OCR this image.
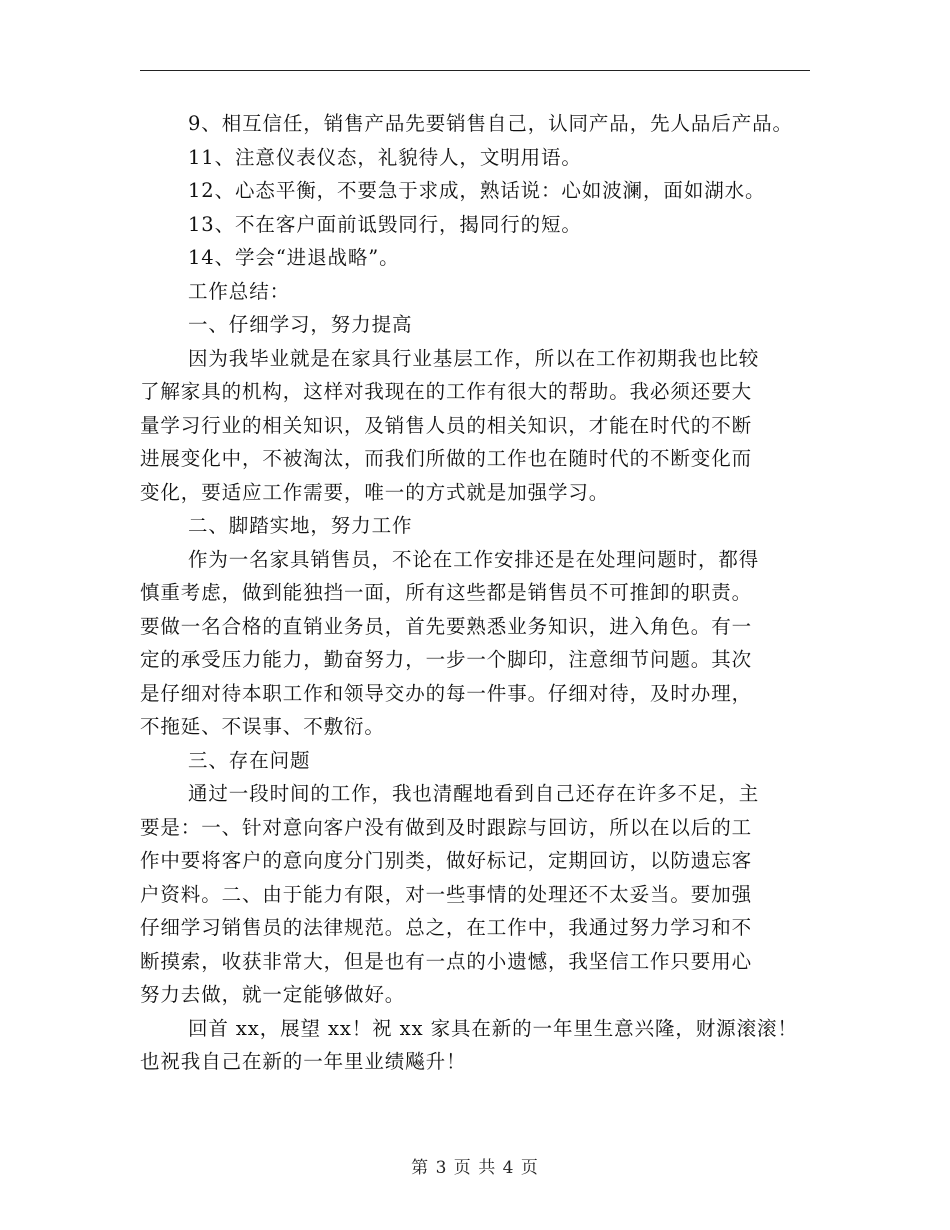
9、相互信任，销售产品先要销售自己，认同产品，先人品后产品。

11、注意仪表仪态，礼貌待人，文明用语。

12、心态平衡，不要急于求成，熟话说：心如波澜，面如湖水。

13、不在客户面前诋毁同行，揭同行的短。

14、学会“进退战略”。

工作总结：

一、仔细学习，努力提高

因为我毕业就是在家具行业基层工作，所以在工作初期我也比较
了解家具的机构，这样对我现在的工作有很大的帮助。我必须还要大
量学习行业的相关知识，及销售人员的相关知识，才能在时代的不断
进展变化中，不被淘汰，而我们所做的工作也在随时代的不断变化而
变化，要适应工作需要，唯一的方式就是加强学习。

二、脚踏实地，努力工作

作为一名家具销售员，不论在工作安排还是在处理问题时，都得
慎重考虑，做到能独挡一面，所有这些都是销售员不可推卸的职责。
要做一名合格的直销业务员，首先要熟悉业务知识，进入角色。有一
定的承受压力能力，勤奋努力，一步一个脚印，注意细节问题。其次
是仔细对待本职工作和领导交办的每一件事。仔细对待，及时办理，
不拖延、不误事、不敷衍。

三、存在问题

通过一段时间的工作，我也清醒地看到自己还存在许多不足，主
要是：一、针对意向客户没有做到及时跟踪与回访，所以在以后的工
作中要将客户的意向度分门别类，做好标记，定期回访，以防遗忘客
户资料。二、由于能力有限，对一些事情的处理还不太妥当。要加强
仔细学习销售员的法律规范。总之，在工作中，我通过努力学习和不
断摸索，收获非常大，但是也有一点的小遗憾，我坚信工作只要用心
努力去做，就一定能够做好。
回首 xx，展望 xx！祝 xx 家具在新的一年里生意兴隆，财源滚滚！
也祝我自己在新的一年里业绩飚升！
第 3 页 共 4 页
